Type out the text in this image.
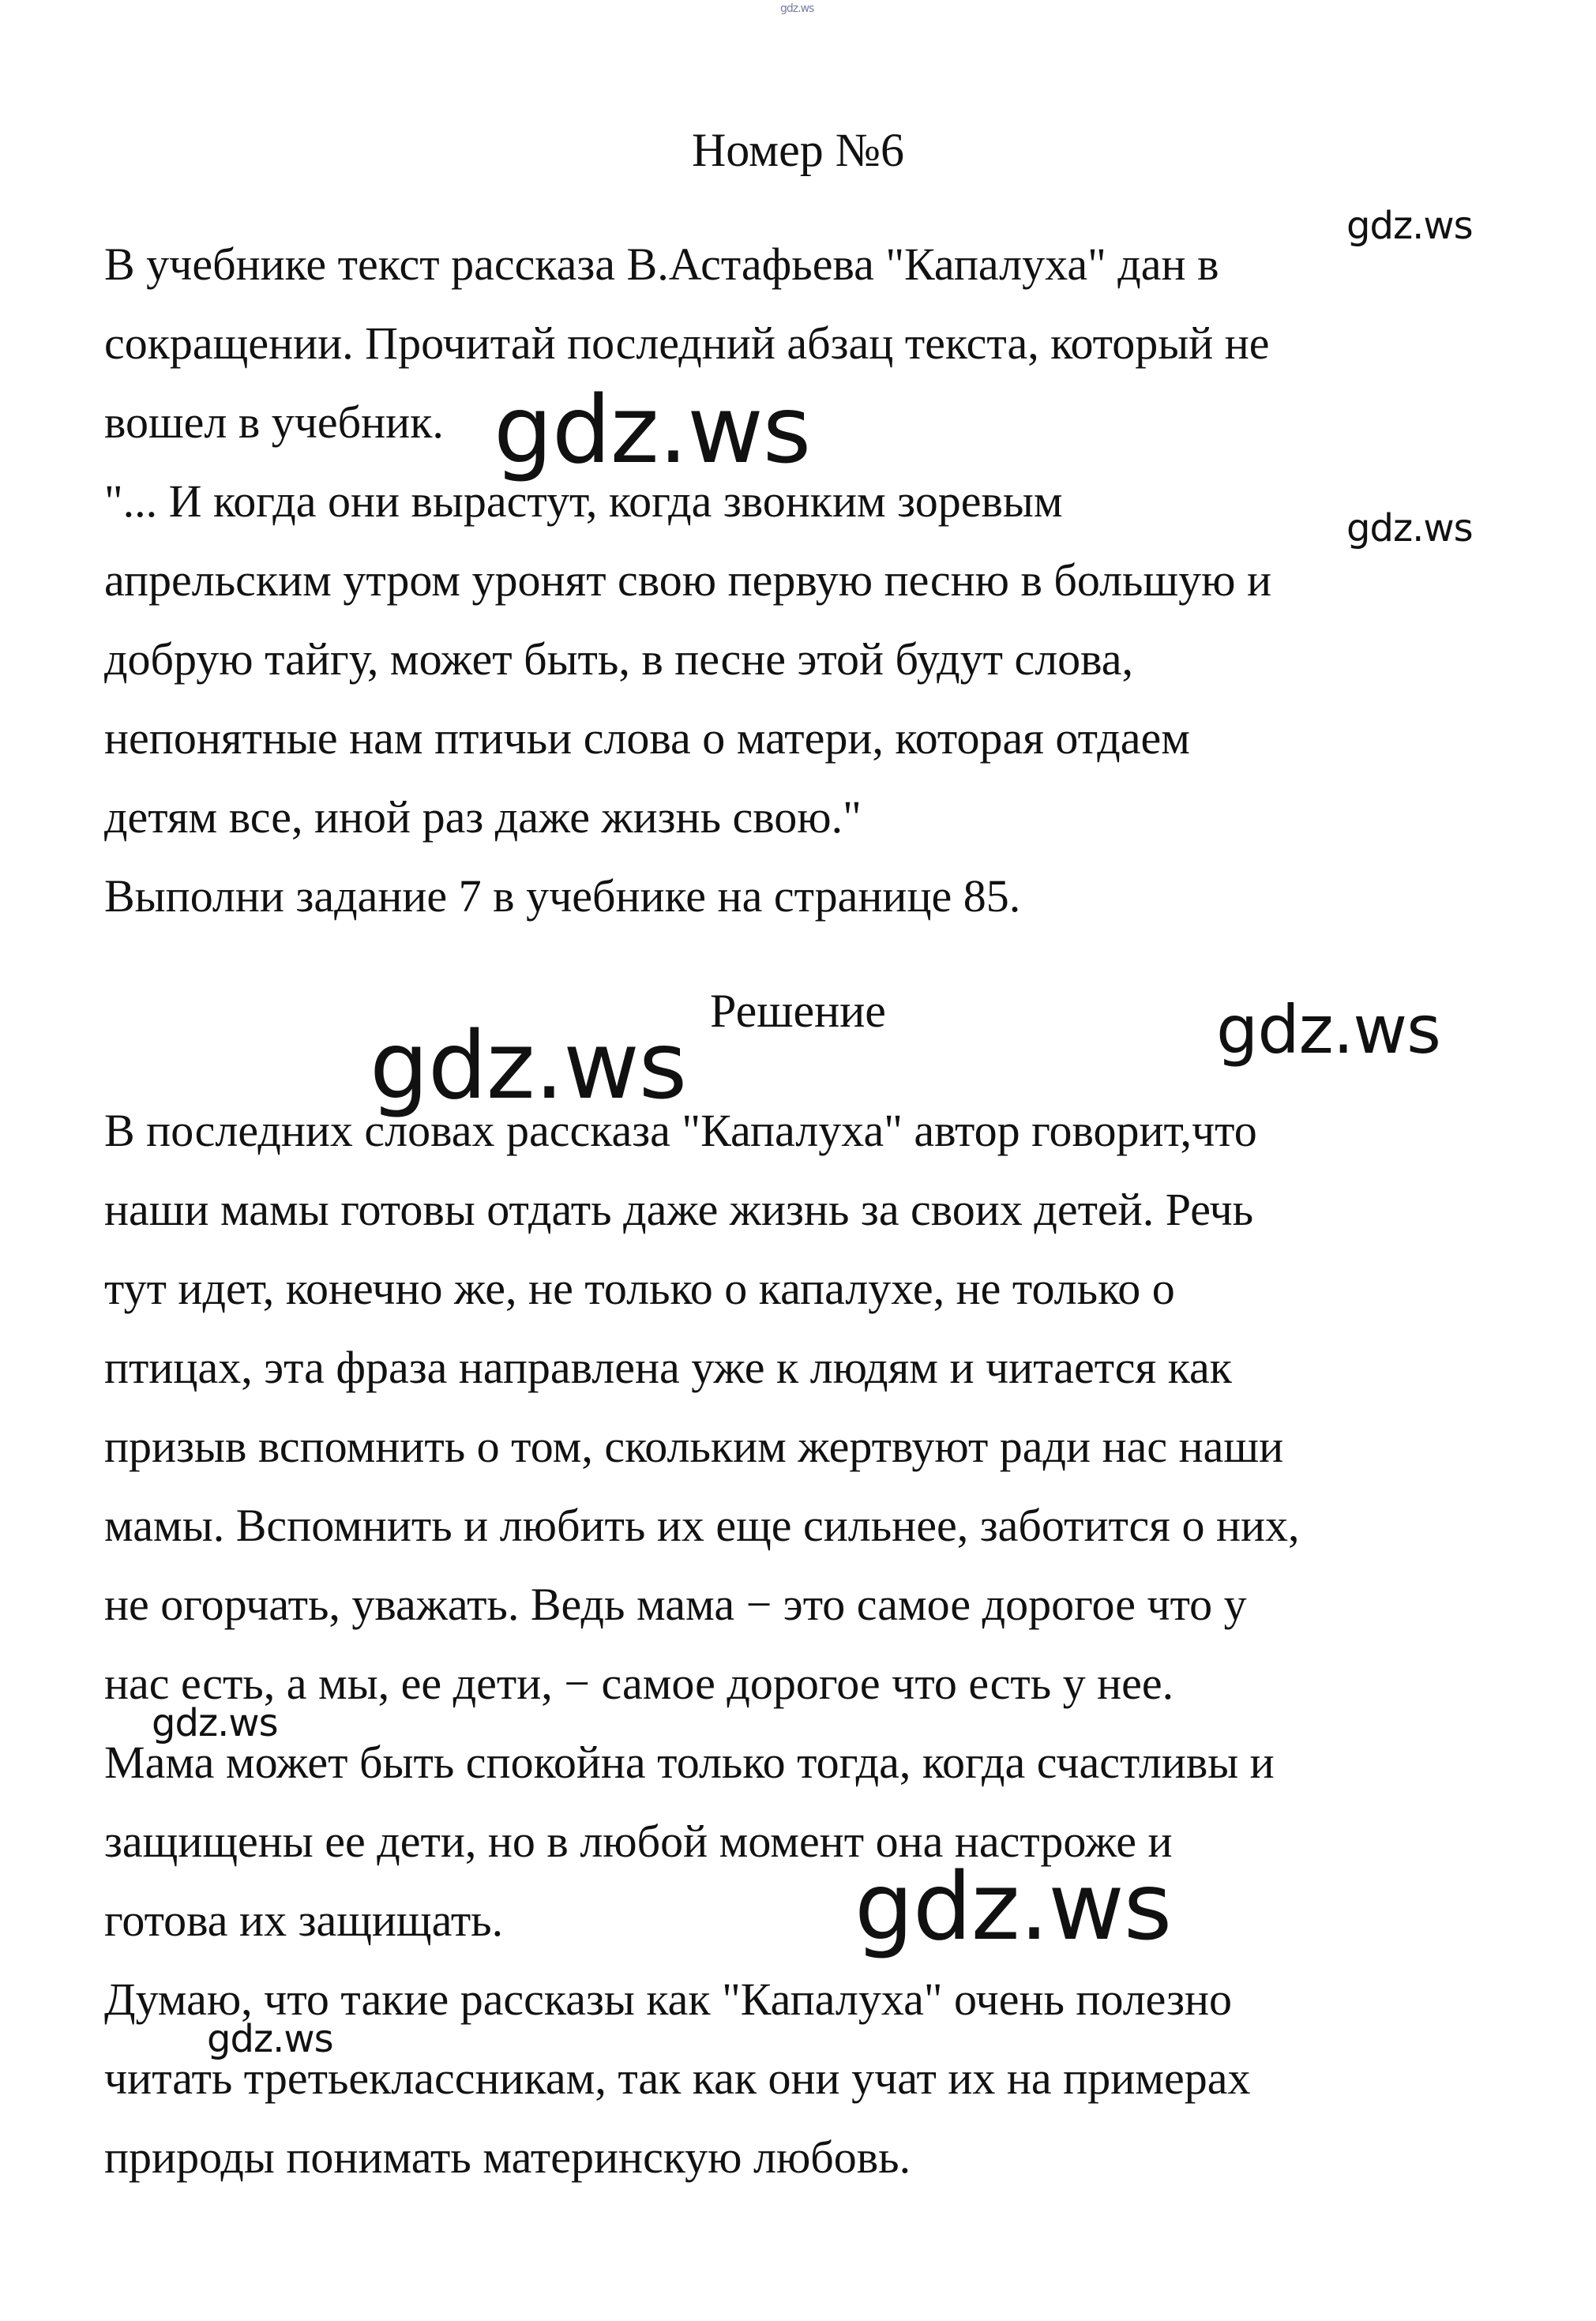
gdz.ws
Номер №6
В учебнике текст рассказа В.Астафьева "Капалуха" дан в
сокращении. Прочитай последний абзац текста, который не
вошел в учебник.
"... И когда они вырастут, когда звонким зоревым
апрельским утром уронят свою первую песню в большую и
добрую тайгу, может быть, в песне этой будут слова,
непонятные нам птичьи слова о матери, которая отдаем
детям все, иной раз даже жизнь свою."
Выполни задание 7 в учебнике на странице 85.
Решение
В последних словах рассказа "Капалуха" автор говорит,что
наши мамы готовы отдать даже жизнь за своих детей. Речь
тут идет, конечно же, не только о капалухе, не только о
птицах, эта фраза направлена уже к людям и читается как
призыв вспомнить о том, скольким жертвуют ради нас наши
мамы. Вспомнить и любить их еще сильнее, заботится о них,
не огорчать, уважать. Ведь мама − это самое дорогое что у
нас есть, а мы, ее дети, − самое дорогое что есть у нее.
Мама может быть спокойна только тогда, когда счастливы и
защищены ее дети, но в любой момент она настроже и
готова их защищать.
Думаю, что такие рассказы как "Капалуха" очень полезно
читать третьеклассникам, так как они учат их на примерах
природы понимать материнскую любовь.
gdz.ws
gdz.ws
gdz.ws
gdz.ws	gdz.ws
gdz.ws
gdz.ws
gdz.ws
